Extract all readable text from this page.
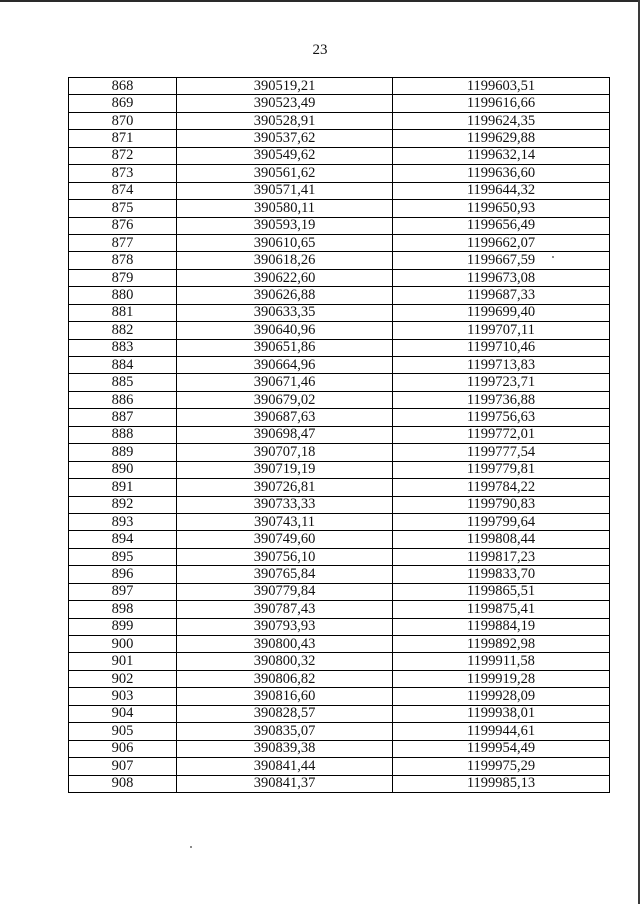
23
868	390519,21	1199603,51
869	390523,49	1199616,66
870	390528,91	1199624,35
871	390537,62	1199629,88
872	390549,62	1199632,14
873	390561,62	1199636,60
874	390571,41	1199644,32
875	390580,11	1199650,93
876	390593,19	1199656,49
877	390610,65	1199662,07
878	390618,26	1199667,59
879	390622,60	1199673,08
880	390626,88	1199687,33
881	390633,35	1199699,40
882	390640,96	1199707,11
883	390651,86	1199710,46
884	390664,96	1199713,83
885	390671,46	1199723,71
886	390679,02	1199736,88
887	390687,63	1199756,63
888	390698,47	1199772,01
889	390707,18	1199777,54
890	390719,19	1199779,81
891	390726,81	1199784,22
892	390733,33	1199790,83
893	390743,11	1199799,64
894	390749,60	1199808,44
895	390756,10	1199817,23
896	390765,84	1199833,70
897	390779,84	1199865,51
898	390787,43	1199875,41
899	390793,93	1199884,19
900	390800,43	1199892,98
901	390800,32	1199911,58
902	390806,82	1199919,28
903	390816,60	1199928,09
904	390828,57	1199938,01
905	390835,07	1199944,61
906	390839,38	1199954,49
907	390841,44	1199975,29
908	390841,37	1199985,13
